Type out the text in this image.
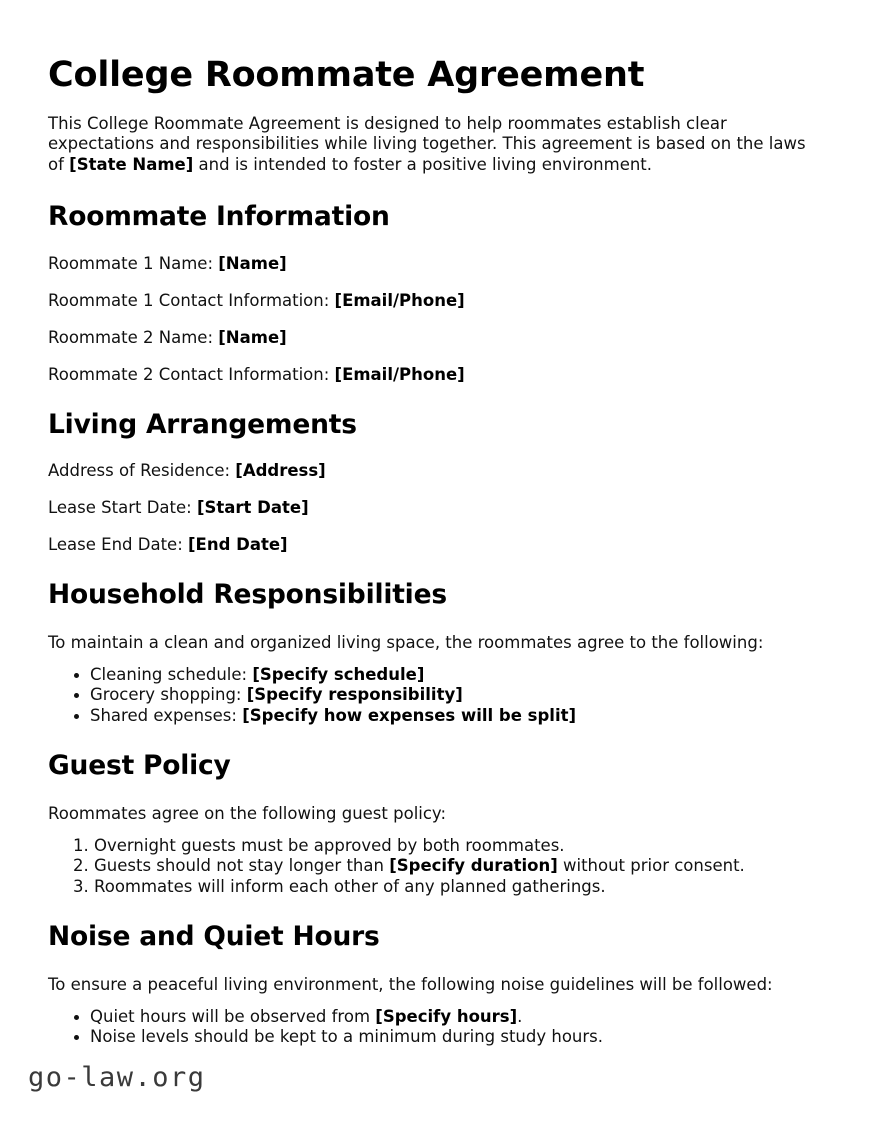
College Roommate Agreement

This College Roommate Agreement is designed to help roommates establish clear expectations and responsibilities while living together. This agreement is based on the laws of [State Name] and is intended to foster a positive living environment.

Roommate Information

Roommate 1 Name: [Name]

Roommate 1 Contact Information: [Email/Phone]

Roommate 2 Name: [Name]

Roommate 2 Contact Information: [Email/Phone]

Living Arrangements

Address of Residence: [Address]

Lease Start Date: [Start Date]

Lease End Date: [End Date]

Household Responsibilities

To maintain a clean and organized living space, the roommates agree to the following:

• Cleaning schedule: [Specify schedule]
• Grocery shopping: [Specify responsibility]
• Shared expenses: [Specify how expenses will be split]
Guest Policy

Roommates agree on the following guest policy:

1. Overnight guests must be approved by both roommates.
2. Guests should not stay longer than [Specify duration] without prior consent.
3. Roommates will inform each other of any planned gatherings.
Noise and Quiet Hours

To ensure a peaceful living environment, the following noise guidelines will be followed:

• Quiet hours will be observed from [Specify hours].
• Noise levels should be kept to a minimum during study hours.
go-law.org
